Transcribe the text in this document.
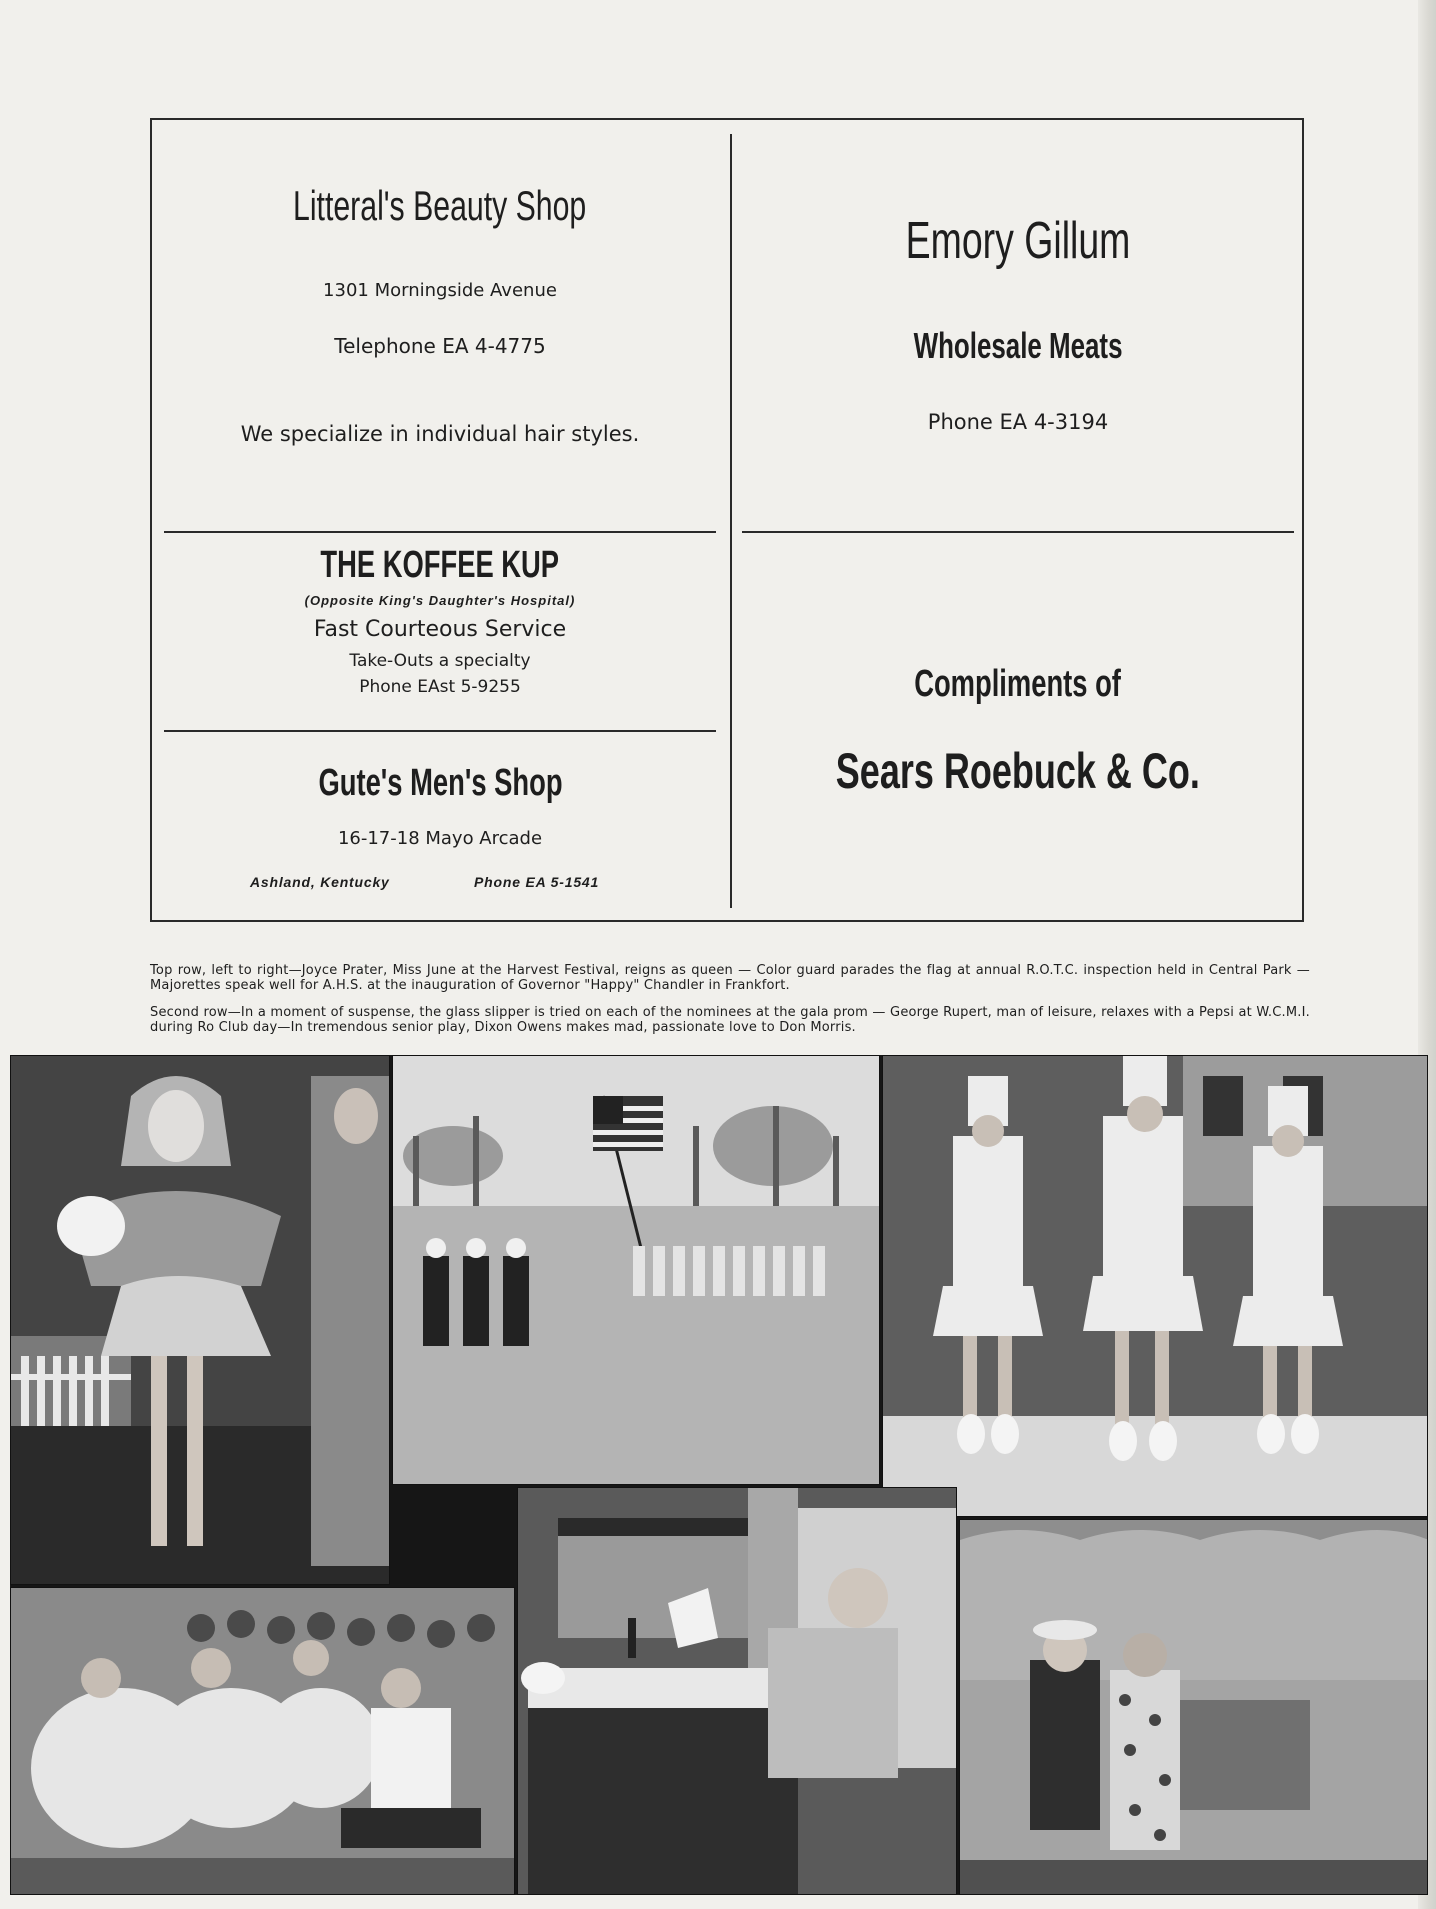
Litteral's Beauty Shop
1301 Morningside Avenue
Telephone EA 4-4775
We specialize in individual hair styles.
Emory Gillum
Wholesale Meats
Phone EA 4-3194
THE KOFFEE KUP
(Opposite King's Daughter's Hospital)
Fast Courteous Service
Take-Outs a specialty
Phone EAst 5-9255	Compliments of
Sears Roebuck & Co.
Gute's Men's Shop
16-17-18 Mayo Arcade
Ashland, Kentucky	Phone EA 5-1541
Top row, left to right—Joyce Prater, Miss June at the Harvest Festival, reigns as queen — Color guard parades the flag at annual R.O.T.C. inspection held in Central Park — Majorettes speak well for A.H.S. at the inauguration of Governor "Happy" Chandler in Frankfort.
Second row—In a moment of suspense, the glass slipper is tried on each of the nominees at the gala prom — George Rupert, man of leisure, relaxes with a Pepsi at W.C.M.I. during Ro Club day—In tremendous senior play, Dixon Owens makes mad, passionate love to Don Morris.
